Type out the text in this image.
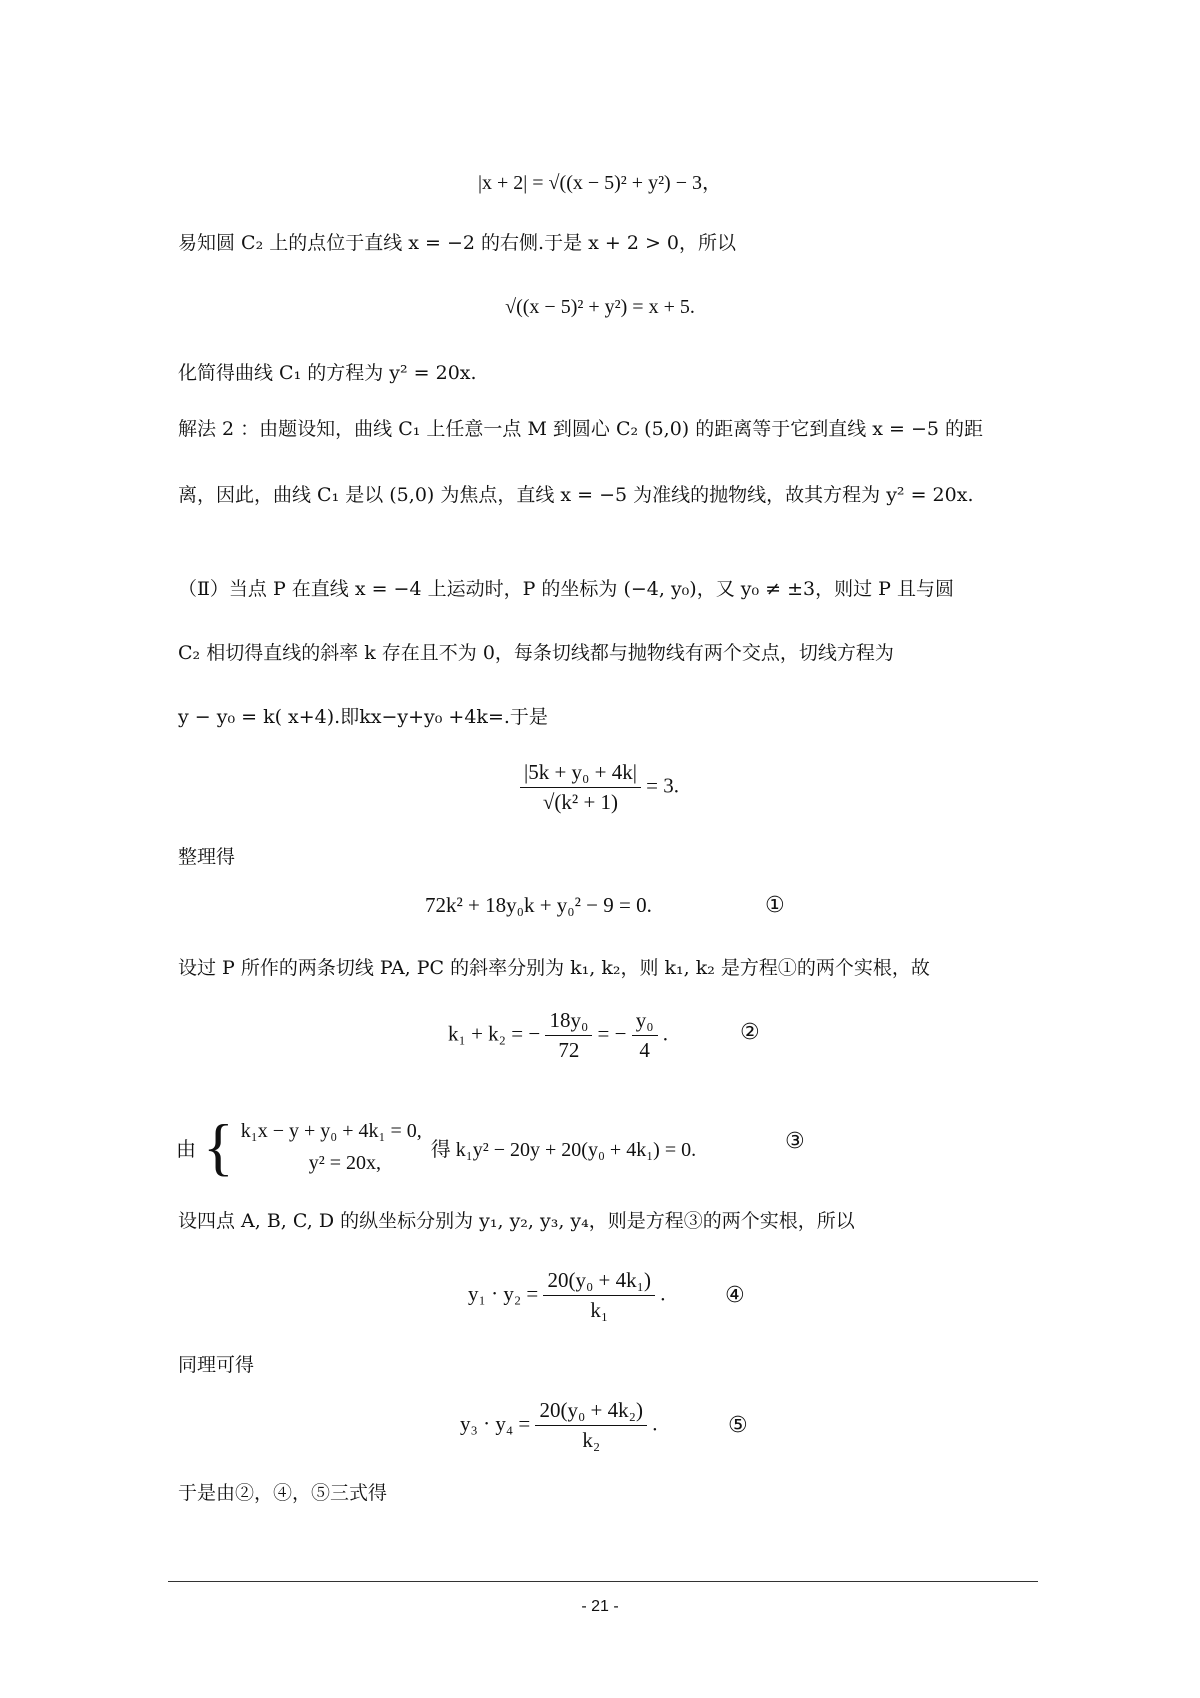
|x + 2| = √((x − 5)² + y²) − 3，
易知圆 C₂ 上的点位于直线 x = −2 的右侧.于是 x + 2 > 0，所以
√((x − 5)² + y²) = x + 5.
化简得曲线 C₁ 的方程为 y² = 20x.
解法 2 ：由题设知，曲线 C₁ 上任意一点 M 到圆心 C₂ (5,0) 的距离等于它到直线 x = −5 的距
离，因此，曲线 C₁ 是以 (5,0) 为焦点，直线 x = −5 为准线的抛物线，故其方程为 y² = 20x.
（Ⅱ）当点 P 在直线 x = −4 上运动时，P 的坐标为 (−4, y₀)，又 y₀ ≠ ±3，则过 P 且与圆
C₂ 相切得直线的斜率 k 存在且不为 0，每条切线都与抛物线有两个交点，切线方程为
y − y₀ = k( x+4).即kx−y+y₀ +4k=.于是
$\frac{\text{|5k + y₀ + 4k|}}{\text{√(k² + 1)}} = 3$.
整理得
72k² + 18y₀k + y₀² − 9 = 0.	①
设过 P 所作的两条切线 PA, PC 的斜率分别为 k₁, k₂，则 k₁, k₂ 是方程①的两个实根，故
k₁ + k₂ = − $\frac{\text{18y₀}}{72}$ = − $\frac{\text{y₀}}{4}$ .	②
由 { k₁x − y + y₀ + 4k₁ = 0,
y² = 20x,
得 k₁y² − 20y + 20(y₀ + 4k₁) = 0.	③
设四点 A, B, C, D 的纵坐标分别为 y₁, y₂, y₃, y₄，则是方程③的两个实根，所以
$y_1 \cdot y_2 = \frac{\text{20(y₀ + 4k₁)}}{\text{k₁}}$ .	④
同理可得
$y_3 \cdot y_4 = \frac{\text{20(y₀ + 4k₂)}}{\text{k₂}}$ .	⑤
于是由②，④，⑤三式得
- 21 -
